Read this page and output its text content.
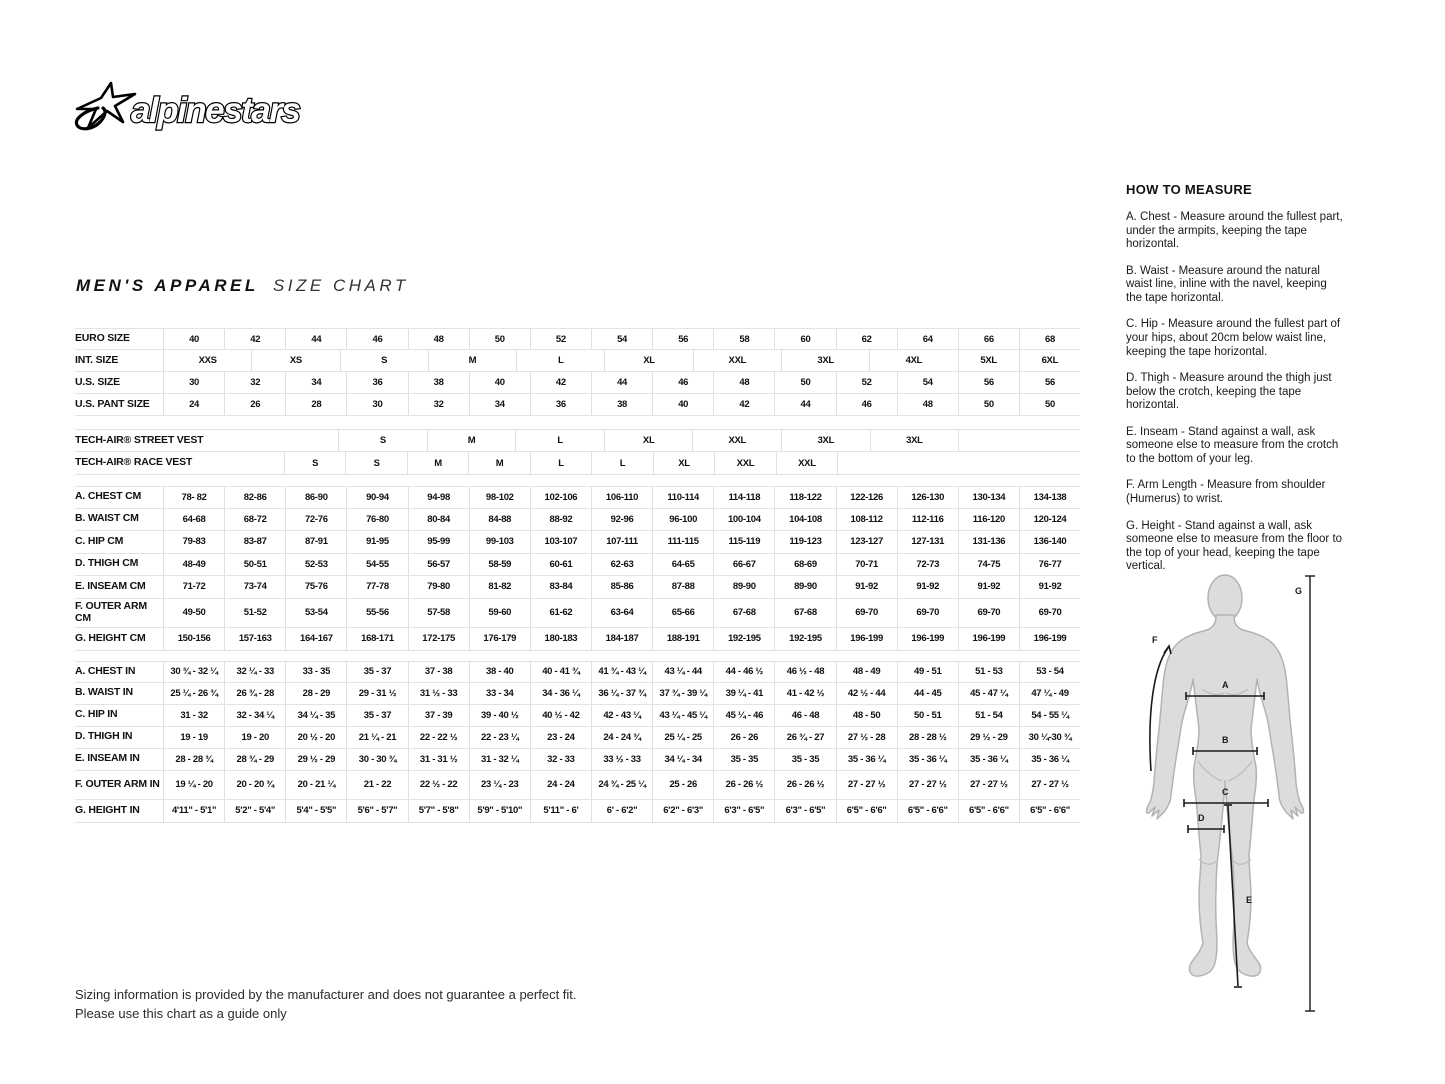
alpinestars
MEN'S APPAREL SIZE CHART
EURO SIZE	40	42	44	46	48	50	52	54	56	58	60	62	64	66	68
INT. SIZE	XXS	XS	S	M	L	XL	XXL	3XL	4XL	5XL	6XL
U.S. SIZE	30	32	34	36	38	40	42	44	46	48	50	52	54	56	56
U.S. PANT SIZE	24	26	28	30	32	34	36	38	40	42	44	46	48	50	50
TECH-AIR® STREET VEST	S	M	L	XL	XXL	3XL	3XL
TECH-AIR® RACE VEST	S	S	M	M	L	L	XL	XXL	XXL
A. CHEST CM	78- 82	82-86	86-90	90-94	94-98	98-102	102-106	106-110	110-114	114-118	118-122	122-126	126-130	130-134	134-138
B. WAIST CM	64-68	68-72	72-76	76-80	80-84	84-88	88-92	92-96	96-100	100-104	104-108	108-112	112-116	116-120	120-124
C. HIP CM	79-83	83-87	87-91	91-95	95-99	99-103	103-107	107-111	111-115	115-119	119-123	123-127	127-131	131-136	136-140
D. THIGH CM	48-49	50-51	52-53	54-55	56-57	58-59	60-61	62-63	64-65	66-67	68-69	70-71	72-73	74-75	76-77
E. INSEAM CM	71-72	73-74	75-76	77-78	79-80	81-82	83-84	85-86	87-88	89-90	89-90	91-92	91-92	91-92	91-92
F. OUTER ARM CM	49-50	51-52	53-54	55-56	57-58	59-60	61-62	63-64	65-66	67-68	67-68	69-70	69-70	69-70	69-70
G. HEIGHT CM	150-156	157-163	164-167	168-171	172-175	176-179	180-183	184-187	188-191	192-195	192-195	196-199	196-199	196-199	196-199
A. CHEST IN	30 ¾ - 32 ¼	32 ¼ - 33	33 - 35	35 - 37	37 - 38	38 - 40	40 - 41 ¾	41 ¾ - 43 ¼	43 ¼ - 44	44 - 46 ½	46 ½ - 48	48 - 49	49 - 51	51 - 53	53 - 54
B. WAIST IN	25 ¼ - 26 ¾	26 ¾ - 28	28 - 29	29 - 31 ½	31 ½ - 33	33 - 34	34 - 36 ¼	36 ¼ - 37 ¾	37 ¾ - 39 ¼	39 ¼ - 41	41 - 42 ½	42 ½ - 44	44 - 45	45 - 47 ¼	47 ¼ - 49
C. HIP IN	31 - 32	32 - 34 ¼	34 ¼ - 35	35 - 37	37 - 39	39 - 40 ½	40 ½ - 42	42 - 43 ¼	43 ¼ - 45 ¼	45 ¼ - 46	46 - 48	48 - 50	50 - 51	51 - 54	54 - 55 ¼
D. THIGH IN	19 - 19	19 - 20	20 ½ - 20	21 ¼ - 21	22 - 22 ½	22 - 23 ¼	23 - 24	24 - 24 ¾	25 ¼ - 25	26 - 26	26 ¾ - 27	27 ½ - 28	28 - 28 ½	29 ½ - 29	30 ¼-30 ¾
E. INSEAM IN	28 - 28 ¾	28 ¾ - 29	29 ½ - 29	30 - 30 ¾	31 - 31 ½	31 - 32 ¼	32 - 33	33 ½ - 33	34 ¼ - 34	35 - 35	35 - 35	35 - 36 ¼	35 - 36 ¼	35 - 36 ¼	35 - 36 ¼
F. OUTER ARM IN	19 ¼ - 20	20 - 20 ¾	20 - 21 ¼	21 - 22	22 ½ - 22	23 ¼ - 23	24 - 24	24 ¾ - 25 ¼	25 - 26	26 - 26 ½	26 - 26 ½	27 - 27 ½	27 - 27 ½	27 - 27 ½	27 - 27 ½
G. HEIGHT IN	4'11" - 5'1"	5'2" - 5'4"	5'4" - 5'5"	5'6" - 5'7"	5'7" - 5'8"	5'9" - 5'10"	5'11" - 6'	6' - 6'2"	6'2" - 6'3"	6'3" - 6'5"	6'3" - 6'5"	6'5" - 6'6"	6'5" - 6'6"	6'5" - 6'6"	6'5" - 6'6"
HOW TO MEASURE

A. Chest - Measure around the fullest part, under the armpits, keeping the tape horizontal.

B. Waist - Measure around the natural waist line, inline with the navel, keeping the tape horizontal.

C. Hip - Measure around the fullest part of your hips, about 20cm below waist line, keeping the tape horizontal.

D. Thigh - Measure around the thigh just below the crotch, keeping the tape horizontal.

E. Inseam - Stand against a wall, ask someone else to measure from the crotch to the bottom of your leg.

F. Arm Length - Measure from shoulder (Humerus) to wrist.

G. Height - Stand against a wall, ask someone else to measure from the floor to the top of your head, keeping the tape vertical.

A
B
C
D
E
F
G
Sizing information is provided by the manufacturer and does not guarantee a perfect fit.
Please use this chart as a guide only
